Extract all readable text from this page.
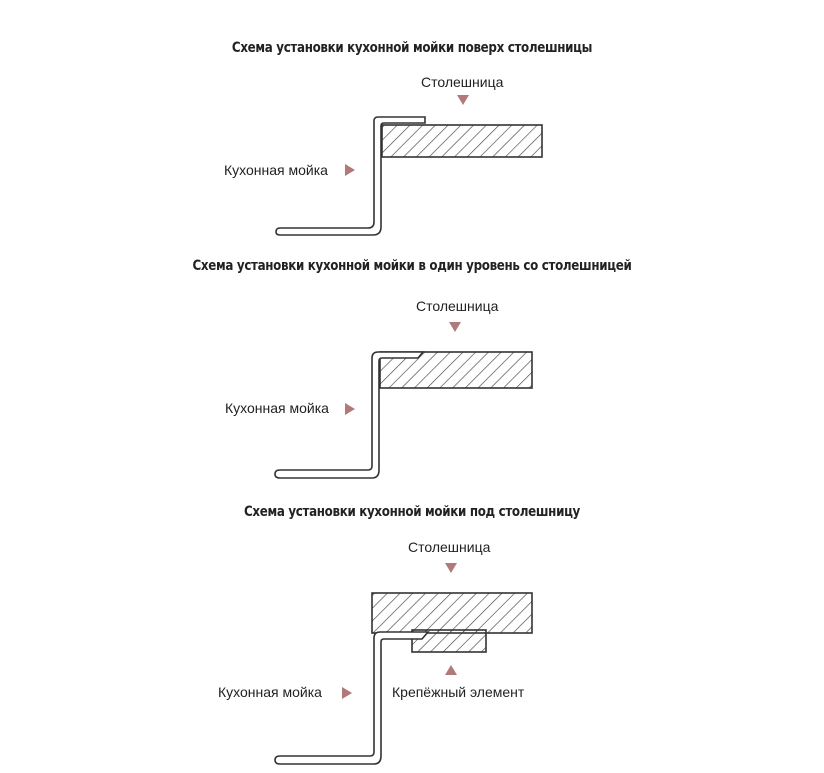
Схема установки кухонной мойки поверх столешницы
Столешница
Кухонная мойка
Схема установки кухонной мойки в один уровень со столешницей
Столешница
Кухонная мойка
Схема установки кухонной мойки под столешницу
Столешница
Крепёжный элемент
Кухонная мойка
